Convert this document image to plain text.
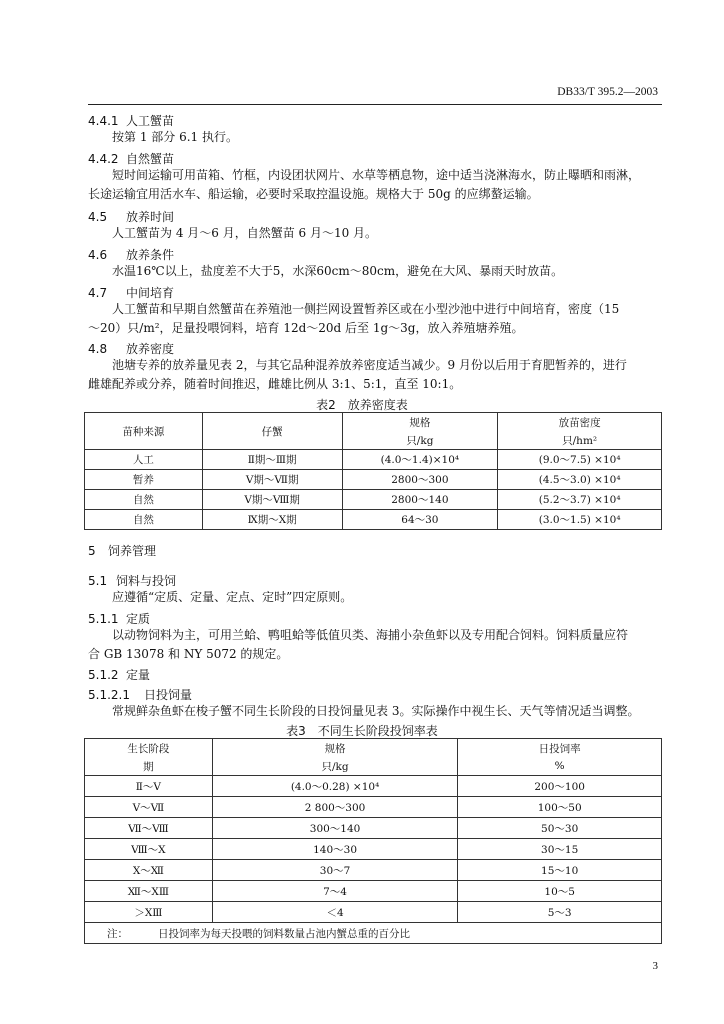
DB33/T 395.2—2003
4.4.1 人工蟹苗
按第 1 部分 6.1 执行。
4.4.2 自然蟹苗
短时间运输可用苗箱、竹框，内设团状网片、水草等栖息物，途中适当浇淋海水，防止曝晒和雨淋，
长途运输宜用活水车、船运输，必要时采取控温设施。规格大于 50g 的应绑螯运输。
4.5 放养时间
人工蟹苗为 4 月～6 月，自然蟹苗 6 月～10 月。
4.6 放养条件
水温16℃以上，盐度差不大于5，水深60cm～80cm，避免在大风、暴雨天时放苗。
4.7 中间培育
人工蟹苗和早期自然蟹苗在养殖池一侧拦网设置暂养区或在小型沙池中进行中间培育，密度（15
～20）只/m²，足量投喂饲料，培育 12d～20d 后至 1g～3g，放入养殖塘养殖。
4.8 放养密度
池塘专养的放养量见表 2，与其它品种混养放养密度适当减少。9 月份以后用于育肥暂养的，进行
雌雄配养或分养，随着时间推迟，雌雄比例从 3:1、5:1，直至 10:1。
表2　放养密度表
苗种来源	仔蟹	规格	放苗密度
		只/kg	只/hm²
人工	Ⅱ期～Ⅲ期	(4.0～1.4)×10⁴	(9.0～7.5) ×10⁴
暂养	Ⅴ期～Ⅶ期	2800～300	(4.5～3.0) ×10⁴
自然	Ⅴ期～Ⅷ期	2800～140	(5.2～3.7) ×10⁴
自然	Ⅸ期～Ⅹ期	64～30	(3.0～1.5) ×10⁴
5 饲养管理
5.1 饲料与投饲
应遵循“定质、定量、定点、定时”四定原则。
5.1.1 定质
以动物饲料为主，可用兰蛤、鸭咀蛤等低值贝类、海捕小杂鱼虾以及专用配合饲料。饲料质量应符
合 GB 13078 和 NY 5072 的规定。
5.1.2 定量
5.1.2.1 日投饲量
常规鲜杂鱼虾在梭子蟹不同生长阶段的日投饲量见表 3。实际操作中视生长、天气等情况适当调整。
表3　不同生长阶段投饲率表
生长阶段	规格	日投饲率
期	只/kg	%
Ⅱ～Ⅴ	(4.0～0.28) ×10⁴	200～100
Ⅴ～Ⅶ	2 800～300	100～50
Ⅶ～Ⅷ	300～140	50～30
Ⅷ～Ⅹ	140～30	30～15
Ⅹ～Ⅻ	30～7	15～10
Ⅻ～ⅩⅢ	7～4	10～5
＞ⅩⅢ	＜4	5～3
注： 日投饲率为每天投喂的饲料数量占池内蟹总重的百分比		
3
